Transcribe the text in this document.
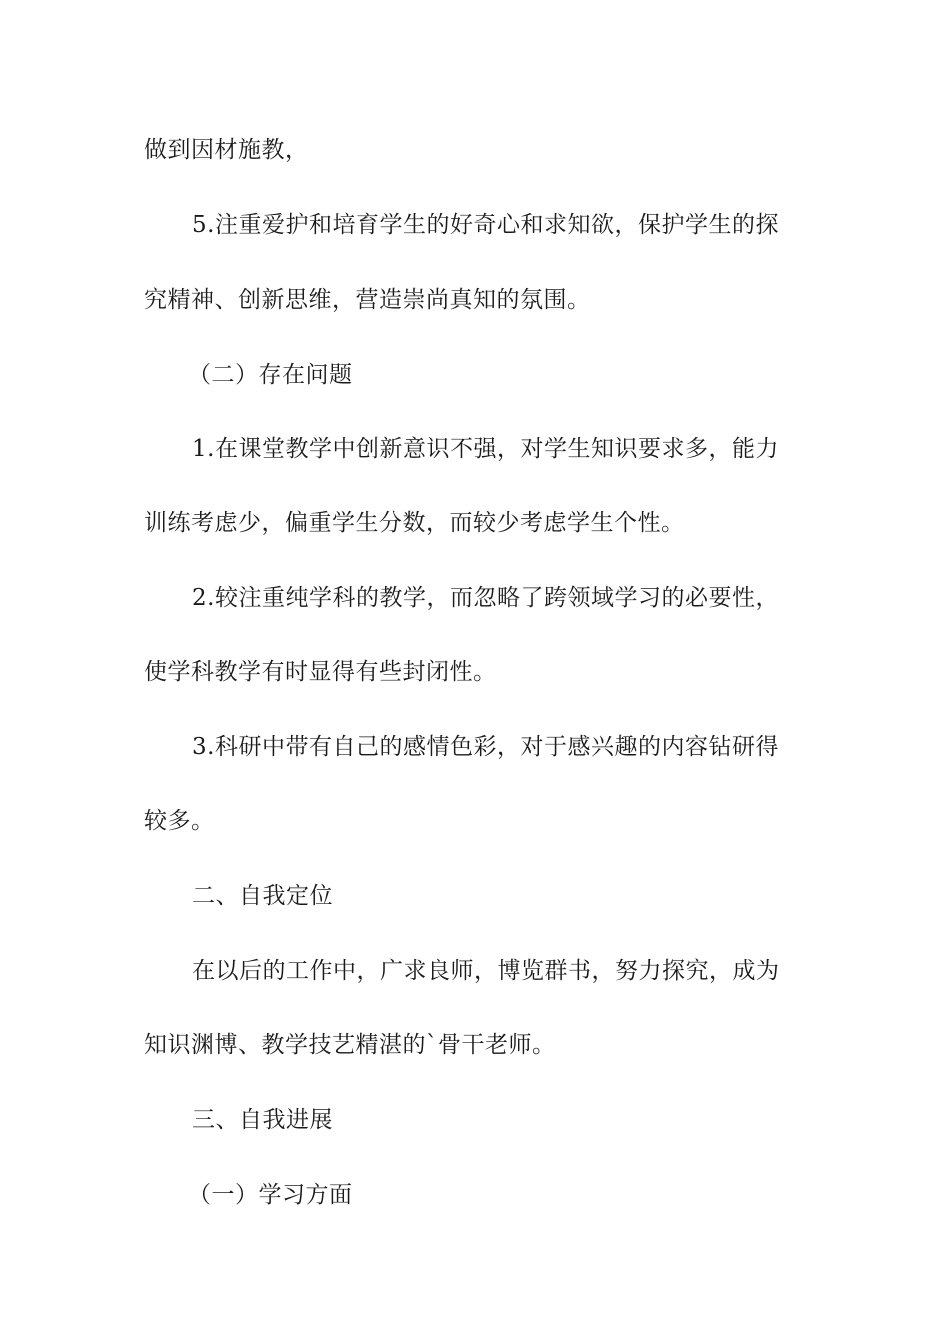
做到因材施教，
5.注重爱护和培育学生的好奇心和求知欲，保护学生的探
究精神、创新思维，营造崇尚真知的氛围。
（二）存在问题
1.在课堂教学中创新意识不强，对学生知识要求多，能力
训练考虑少，偏重学生分数，而较少考虑学生个性。
2.较注重纯学科的教学，而忽略了跨领域学习的必要性，
使学科教学有时显得有些封闭性。
3.科研中带有自己的感情色彩，对于感兴趣的内容钻研得
较多。
二、自我定位
在以后的工作中，广求良师，博览群书，努力探究，成为
知识渊博、教学技艺精湛的`骨干老师。
三、自我进展
（一）学习方面
